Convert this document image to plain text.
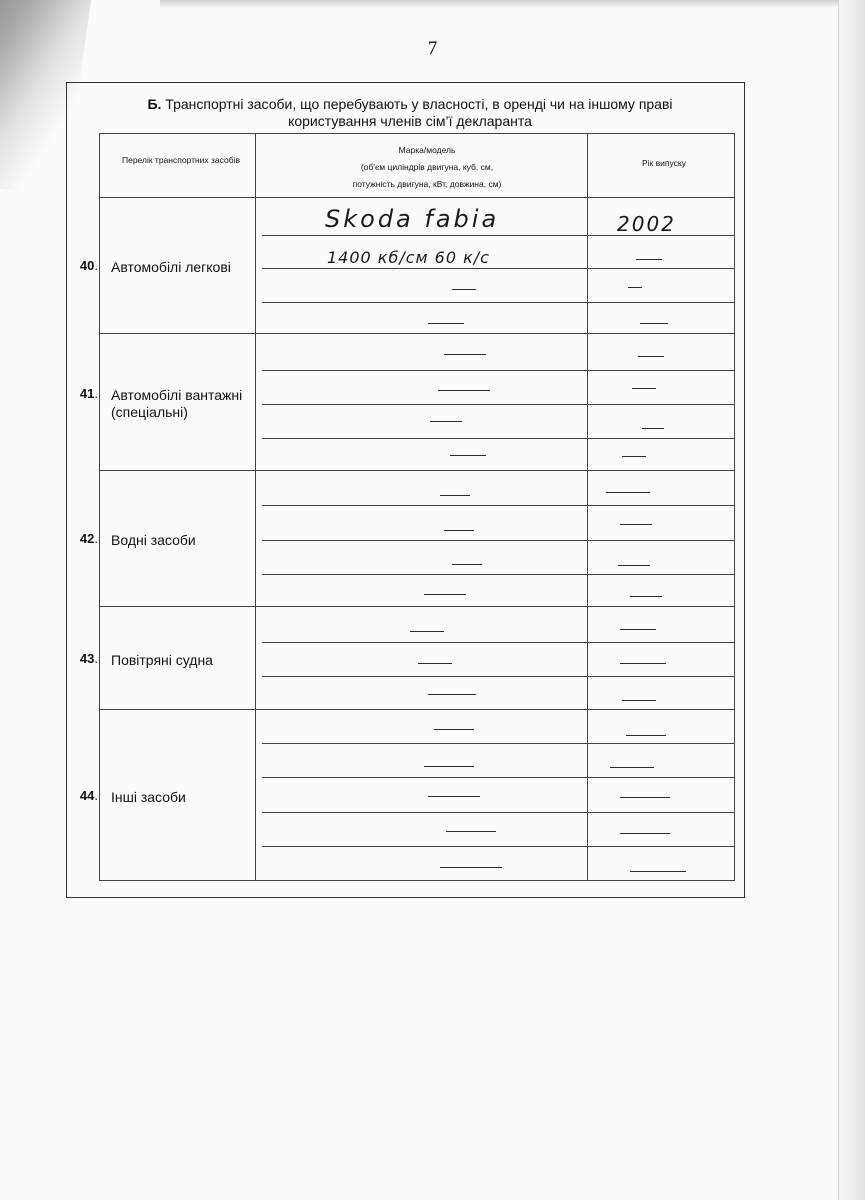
7
Б. Транспортні засоби, що перебувають у власності, в оренді чи на іншому праві
користування членів сім’ї декларанта
Перелік транспортних засобів
Марка/модель
(об'єм циліндрів двигуна, куб. см,
потужність двигуна, кВт, довжина, см)
Рік випуску
40. Автомобілі легкові
41. Автомобілі вантажні
(спеціальні)
42. Водні засоби
43. Повітряні судна
44. Інші засоби
Skoda fabia	2002
1400 кб/см 60 к/с
